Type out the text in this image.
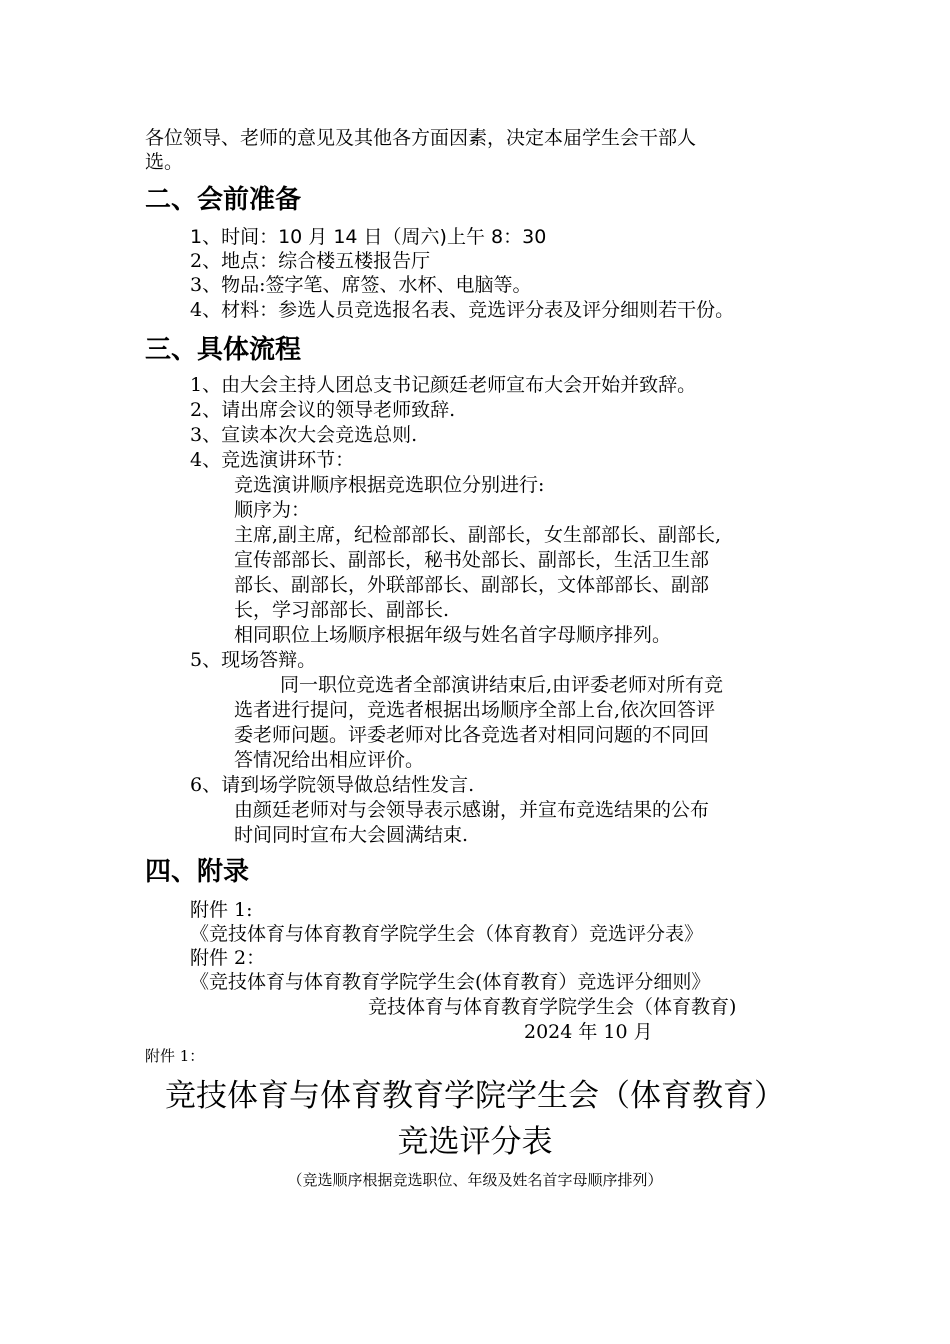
各位领导、老师的意见及其他各方面因素，决定本届学生会干部人
选。
二、会前准备
1、时间：10 月 14 日（周六)上午 8：30
2、地点：综合楼五楼报告厅
3、物品:签字笔、席签、水杯、电脑等。
4、材料：参选人员竞选报名表、竞选评分表及评分细则若干份。
三、具体流程
1、由大会主持人团总支书记颜廷老师宣布大会开始并致辞。
2、请出席会议的领导老师致辞.
3、宣读本次大会竞选总则.
4、竞选演讲环节：
竞选演讲顺序根据竞选职位分别进行:
顺序为：
主席,副主席，纪检部部长、副部长，女生部部长、副部长,
宣传部部长、副部长，秘书处部长、副部长，生活卫生部
部长、副部长，外联部部长、副部长，文体部部长、副部
长，学习部部长、副部长.
相同职位上场顺序根据年级与姓名首字母顺序排列。
5、现场答辩。
同一职位竞选者全部演讲结束后,由评委老师对所有竞
选者进行提问，竞选者根据出场顺序全部上台,依次回答评
委老师问题。评委老师对比各竞选者对相同问题的不同回
答情况给出相应评价。
6、请到场学院领导做总结性发言.
由颜廷老师对与会领导表示感谢，并宣布竞选结果的公布
时间同时宣布大会圆满结束.
四、附录
附件 1:
《竞技体育与体育教育学院学生会（体育教育）竞选评分表》
附件 2：
《竞技体育与体育教育学院学生会(体育教育）竞选评分细则》
竞技体育与体育教育学院学生会（体育教育)
2024 年 10 月
附件 1：
竞技体育与体育教育学院学生会（体育教育）
竞选评分表
（竞选顺序根据竞选职位、年级及姓名首字母顺序排列）
